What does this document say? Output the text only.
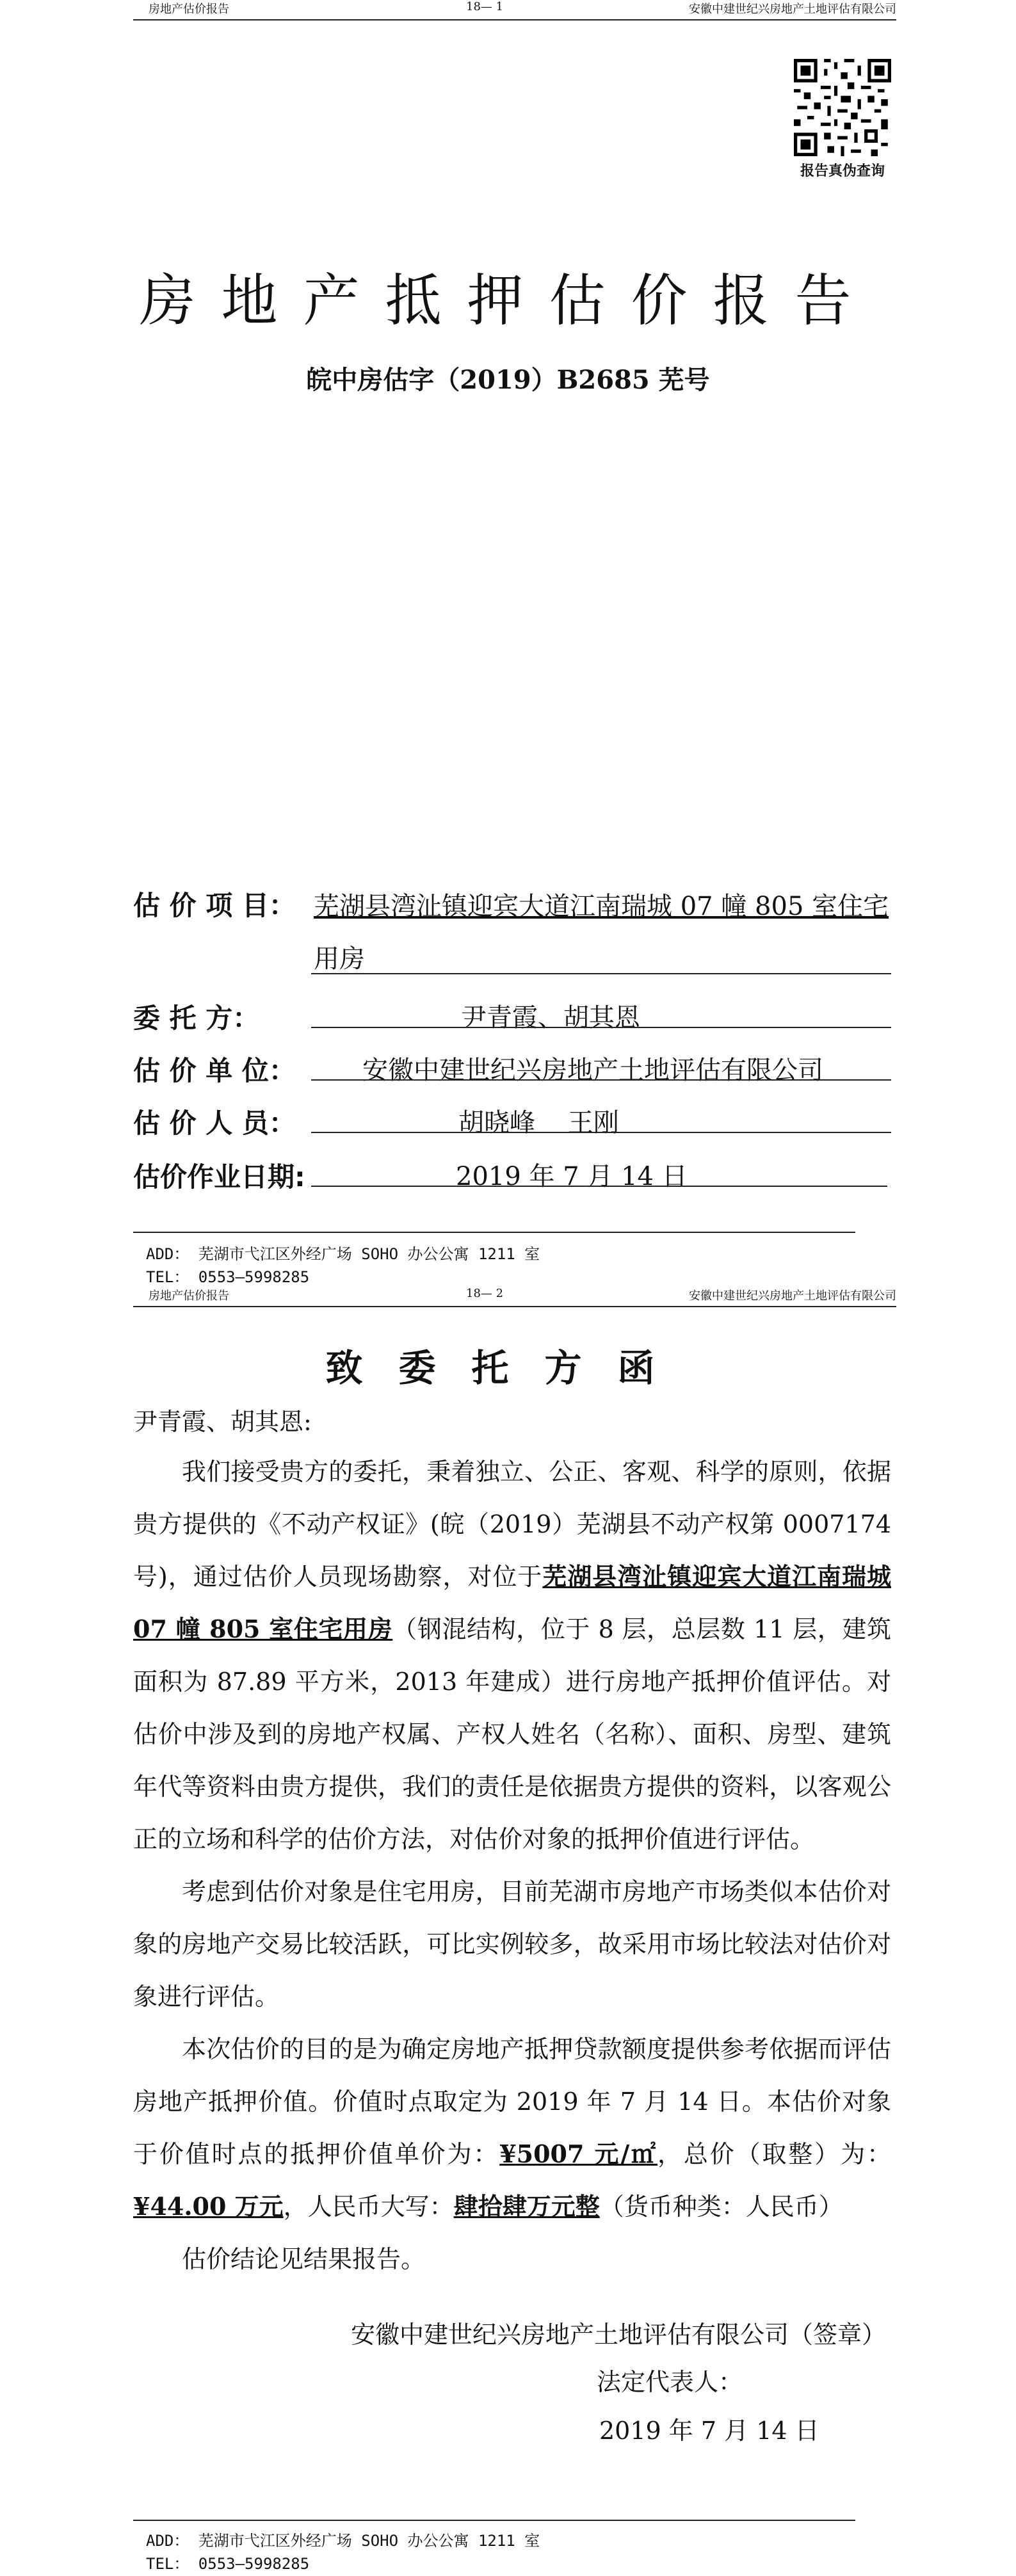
房地产估价报告	18— 1	安徽中建世纪兴房地产土地评估有限公司
报告真伪查询
房地产抵押估价报告
皖中房估字（2019）B2685 芜号
估 价 项 目： 芜湖县湾沚镇迎宾大道江南瑞城 07 幢 805 室住宅
用房
委 托 方：	尹青霞、胡其恩
估 价 单 位：	安徽中建世纪兴房地产土地评估有限公司
估 价 人 员：	胡晓峰    王刚
估价作业日期:	2019 年 7 月 14 日
ADD： 芜湖市弋江区外经广场 SOHO 办公公寓 1211 室
TEL： 0553—5998285
房地产估价报告	18— 2	安徽中建世纪兴房地产土地评估有限公司
致委托方函
尹青霞、胡其恩:

我们接受贵方的委托，秉着独立、公正、客观、科学的原则，依据贵方提供的《不动产权证》(皖（2019）芜湖县不动产权第 0007174 号)，通过估价人员现场勘察，对位于芜湖县湾沚镇迎宾大道江南瑞城 07 幢 805 室住宅用房（钢混结构，位于 8 层，总层数 11 层，建筑面积为 87.89 平方米，2013 年建成）进行房地产抵押价值评估。对估价中涉及到的房地产权属、产权人姓名（名称）、面积、房型、建筑年代等资料由贵方提供，我们的责任是依据贵方提供的资料，以客观公正的立场和科学的估价方法，对估价对象的抵押价值进行评估。

考虑到估价对象是住宅用房，目前芜湖市房地产市场类似本估价对象的房地产交易比较活跃，可比实例较多，故采用市场比较法对估价对象进行评估。

本次估价的目的是为确定房地产抵押贷款额度提供参考依据而评估房地产抵押价值。价值时点取定为 2019 年 7 月 14 日。本估价对象于价值时点的抵押价值单价为：¥5007 元/㎡，总价（取整）为：¥44.00 万元，人民币大写：肆拾肆万元整（货币种类：人民币）

估价结论见结果报告。

安徽中建世纪兴房地产土地评估有限公司（签章）
法定代表人：
2019 年 7 月 14 日
ADD： 芜湖市弋江区外经广场 SOHO 办公公寓 1211 室
TEL： 0553—5998285
